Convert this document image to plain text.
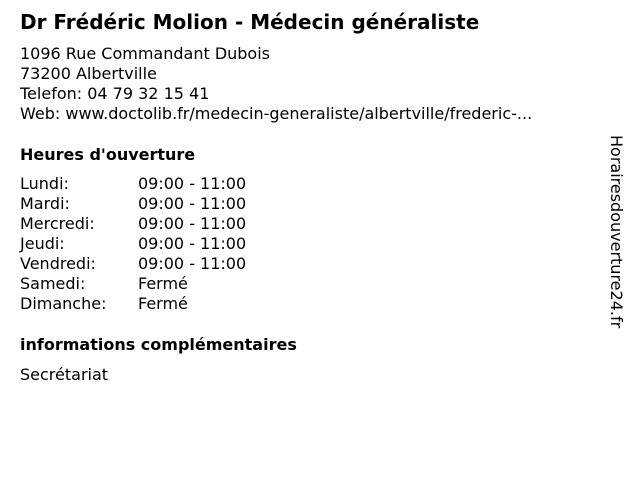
Dr Frédéric Molion - Médecin généraliste
1096 Rue Commandant Dubois
73200 Albertville
Telefon: 04 79 32 15 41
Web: www.doctolib.fr/medecin-generaliste/albertville/frederic-...
Heures d'ouverture
Lundi:	09:00 - 11:00
Mardi:	09:00 - 11:00
Mercredi:	09:00 - 11:00
Jeudi:	09:00 - 11:00
Vendredi:	09:00 - 11:00
Samedi:	Fermé
Dimanche:	Fermé
informations complémentaires
Secrétariat
Horairesdouverture24.fr
